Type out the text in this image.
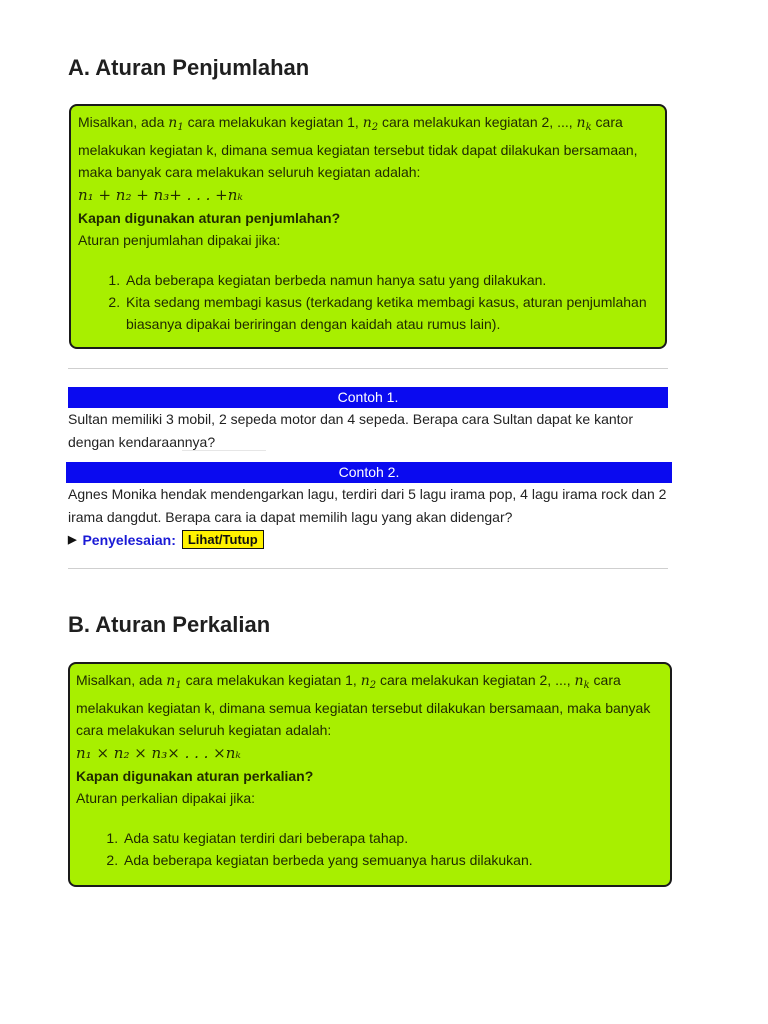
A. Aturan Penjumlahan

Misalkan, ada $n_1$ cara melakukan kegiatan 1, $n_2$ cara melakukan kegiatan 2, ..., $n_k$ cara melakukan kegiatan k, dimana semua kegiatan tersebut tidak dapat dilakukan bersamaan, maka banyak cara melakukan seluruh kegiatan adalah:

n₁ + n₂ + n₃+ . . . +nₖ

Kapan digunakan aturan penjumlahan?

Aturan penjumlahan dipakai jika:

1. Ada beberapa kegiatan berbeda namun hanya satu yang dilakukan.
2. Kita sedang membagi kasus (terkadang ketika membagi kasus, aturan penjumlahan biasanya dipakai beriringan dengan kaidah atau rumus lain).
Contoh 1.

Sultan memiliki 3 mobil, 2 sepeda motor dan 4 sepeda. Berapa cara Sultan dapat ke kantor dengan kendaraannya?

Contoh 2.

Agnes Monika hendak mendengarkan lagu, terdiri dari 5 lagu irama pop, 4 lagu irama rock dan 2 irama dangdut. Berapa cara ia dapat memilih lagu yang akan didengar?

▶ Penyelesaian: Lihat/Tutup
B. Aturan Perkalian

Misalkan, ada $n_1$ cara melakukan kegiatan 1, $n_2$ cara melakukan kegiatan 2, ..., $n_k$ cara melakukan kegiatan k, dimana semua kegiatan tersebut dilakukan bersamaan, maka banyak cara melakukan seluruh kegiatan adalah:

n₁ × n₂ × n₃× . . . ×nₖ

Kapan digunakan aturan perkalian?

Aturan perkalian dipakai jika:

1. Ada satu kegiatan terdiri dari beberapa tahap.
2. Ada beberapa kegiatan berbeda yang semuanya harus dilakukan.
